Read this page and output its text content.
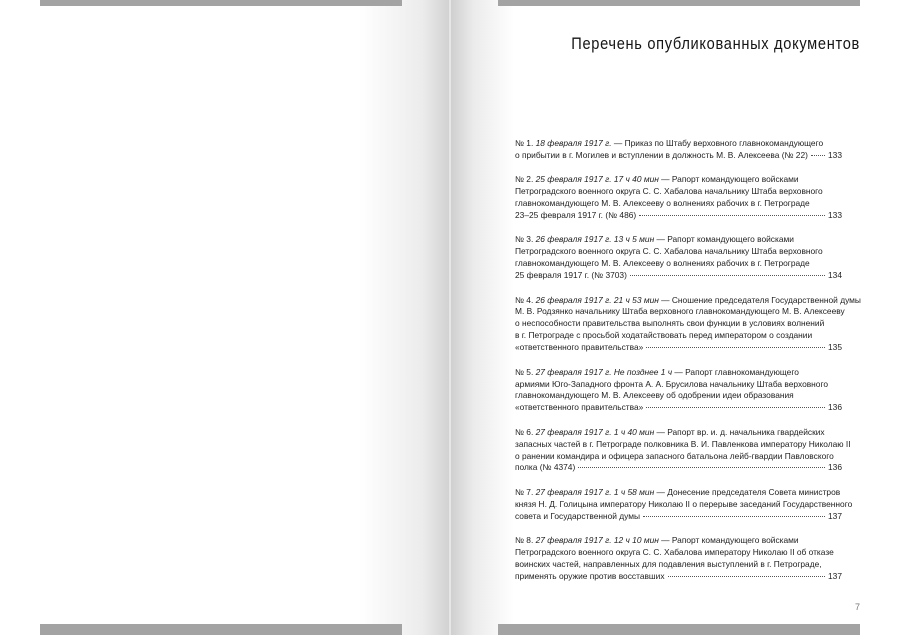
Перечень опубликованных документов
№ 1. 18 февраля 1917 г. — Приказ по Штабу верховного главнокомандующего
о прибытии в г. Могилев и вступлении в должность М. В. Алексеева (№ 22) 133
№ 2. 25 февраля 1917 г. 17 ч 40 мин — Рапорт командующего войсками
Петроградского военного округа С. С. Хабалова начальнику Штаба верховного
главнокомандующего М. В. Алексееву о волнениях рабочих в г. Петрограде
23–25 февраля 1917 г. (№ 486)	133
№ 3. 26 февраля 1917 г. 13 ч 5 мин — Рапорт командующего войсками
Петроградского военного округа С. С. Хабалова начальнику Штаба верховного
главнокомандующего М. В. Алексееву о волнениях рабочих в г. Петрограде
25 февраля 1917 г. (№ 3703)	134
№ 4. 26 февраля 1917 г. 21 ч 53 мин — Сношение председателя Государственной думы
М. В. Родзянко начальнику Штаба верховного главнокомандующего М. В. Алексееву
о неспособности правительства выполнять свои функции в условиях волнений
в г. Петрограде с просьбой ходатайствовать перед императором о создании
«ответственного правительства»	135
№ 5. 27 февраля 1917 г. Не позднее 1 ч — Рапорт главнокомандующего
армиями Юго-Западного фронта А. А. Брусилова начальнику Штаба верховного
главнокомандующего М. В. Алексееву об одобрении идеи образования
«ответственного правительства»	136
№ 6. 27 февраля 1917 г. 1 ч 40 мин — Рапорт вр. и. д. начальника гвардейских
запасных частей в г. Петрограде полковника В. И. Павленкова императору Николаю II
о ранении командира и офицера запасного батальона лейб-гвардии Павловского
полка (№ 4374)	136
№ 7. 27 февраля 1917 г. 1 ч 58 мин — Донесение председателя Совета министров
князя Н. Д. Голицына императору Николаю II о перерыве заседаний Государственного
совета и Государственной думы	137
№ 8. 27 февраля 1917 г. 12 ч 10 мин — Рапорт командующего войсками
Петроградского военного округа С. С. Хабалова императору Николаю II об отказе
воинских частей, направленных для подавления выступлений в г. Петрограде,
применять оружие против восставших	137
7
